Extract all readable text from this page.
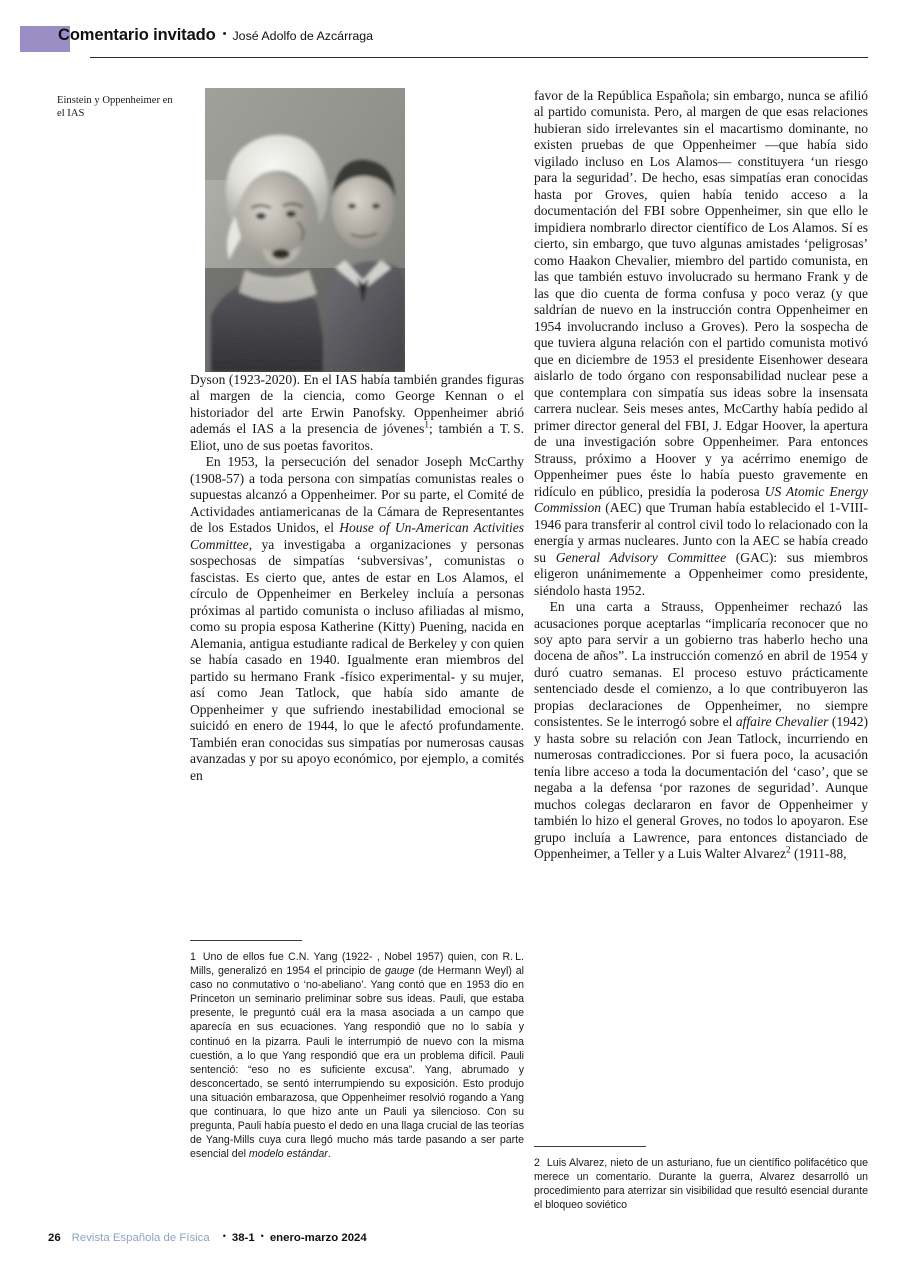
Comentario invitado • José Adolfo de Azcárraga
Einstein y Oppenheimer en el IAS

Dyson (1923-2020). En el IAS había también grandes figuras al margen de la ciencia, como George Kennan o el historiador del arte Erwin Panofsky. Oppenheimer abrió además el IAS a la presencia de jóvenes$^1$; también a T. S. Eliot, uno de sus poetas favoritos.

En 1953, la persecución del senador Joseph McCarthy (1908-57) a toda persona con simpatías comunistas reales o supuestas alcanzó a Oppenheimer. Por su parte, el Comité de Actividades antiamericanas de la Cámara de Representantes de los Estados Unidos, el House of Un-American Activities Committee, ya investigaba a organizaciones y personas sospechosas de simpatías ‘subversivas’, comunistas o fascistas. Es cierto que, antes de estar en Los Alamos, el círculo de Oppenheimer en Berkeley incluía a personas próximas al partido comunista o incluso afiliadas al mismo, como su propia esposa Katherine (Kitty) Puening, nacida en Alemania, antigua estudiante radical de Berkeley y con quien se había casado en 1940. Igualmente eran miembros del partido su hermano Frank -físico experimental- y su mujer, así como Jean Tatlock, que había sido amante de Oppenheimer y que sufriendo inestabilidad emocional se suicidó en enero de 1944, lo que le afectó profundamente. También eran conocidas sus simpatías por numerosas causas avanzadas y por su apoyo económico, por ejemplo, a comités en

favor de la República Española; sin embargo, nunca se afilió al partido comunista. Pero, al margen de que esas relaciones hubieran sido irrelevantes sin el macartismo dominante, no existen pruebas de que Oppenheimer —que había sido vigilado incluso en Los Alamos— constituyera ‘un riesgo para la seguridad’. De hecho, esas simpatías eran conocidas hasta por Groves, quien había tenido acceso a la documentación del FBI sobre Oppenheimer, sin que ello le impidiera nombrarlo director científico de Los Alamos. Sí es cierto, sin embargo, que tuvo algunas amistades ‘peligrosas’ como Haakon Chevalier, miembro del partido comunista, en las que también estuvo involucrado su hermano Frank y de las que dio cuenta de forma confusa y poco veraz (y que saldrían de nuevo en la instrucción contra Oppenheimer en 1954 involucrando incluso a Groves). Pero la sospecha de que tuviera alguna relación con el partido comunista motivó que en diciembre de 1953 el presidente Eisenhower deseara aislarlo de todo órgano con responsabilidad nuclear pese a que contemplara con simpatía sus ideas sobre la insensata carrera nuclear. Seis meses antes, McCarthy había pedido al primer director general del FBI, J. Edgar Hoover, la apertura de una investigación sobre Oppenheimer. Para entonces Strauss, próximo a Hoover y ya acérrimo enemigo de Oppenheimer pues éste lo había puesto gravemente en ridículo en público, presidía la poderosa US Atomic Energy Commission (AEC) que Truman había establecido el 1-VIII-1946 para transferir al control civil todo lo relacionado con la energía y armas nucleares. Junto con la AEC se había creado su General Advisory Committee (GAC): sus miembros eligeron unánimemente a Oppenheimer como presidente, siéndolo hasta 1952.

En una carta a Strauss, Oppenheimer rechazó las acusaciones porque aceptarlas “implicaría reconocer que no soy apto para servir a un gobierno tras haberlo hecho una docena de años”. La instrucción comenzó en abril de 1954 y duró cuatro semanas. El proceso estuvo prácticamente sentenciado desde el comienzo, a lo que contribuyeron las propias declaraciones de Oppenheimer, no siempre consistentes. Se le interrogó sobre el affaire Chevalier (1942) y hasta sobre su relación con Jean Tatlock, incurriendo en numerosas contradicciones. Por si fuera poco, la acusación tenía libre acceso a toda la documentación del ‘caso’, que se negaba a la defensa ‘por razones de seguridad’. Aunque muchos colegas declararon en favor de Oppenheimer y también lo hizo el general Groves, no todos lo apoyaron. Ese grupo incluía a Lawrence, para entonces distanciado de Oppenheimer, a Teller y a Luis Walter Alvarez$^2$ (1911-88,

1 Uno de ellos fue C.N. Yang (1922- , Nobel 1957) quien, con R. L. Mills, generalizó en 1954 el principio de gauge (de Hermann Weyl) al caso no conmutativo o ‘no-abeliano’. Yang contó que en 1953 dio en Princeton un seminario preliminar sobre sus ideas. Pauli, que estaba presente, le preguntó cuál era la masa asociada a un campo que aparecía en sus ecuaciones. Yang respondió que no lo sabía y continuó en la pizarra. Pauli le interrumpió de nuevo con la misma cuestión, a lo que Yang respondió que era un problema difícil. Pauli sentenció: “eso no es suficiente excusa”. Yang, abrumado y desconcertado, se sentó interrumpiendo su exposición. Esto produjo una situación embarazosa, que Oppenheimer resolvió rogando a Yang que continuara, lo que hizo ante un Pauli ya silencioso. Con su pregunta, Pauli había puesto el dedo en una llaga crucial de las teorías de Yang-Mills cuya cura llegó mucho más tarde pasando a ser parte esencial del modelo estándar.

2 Luis Alvarez, nieto de un asturiano, fue un científico polifacético que merece un comentario. Durante la guerra, Alvarez desarrolló un procedimiento para aterrizar sin visibilidad que resultó esencial durante el bloqueo soviético

26 Revista Española de Física • 38-1 • enero-marzo 2024
